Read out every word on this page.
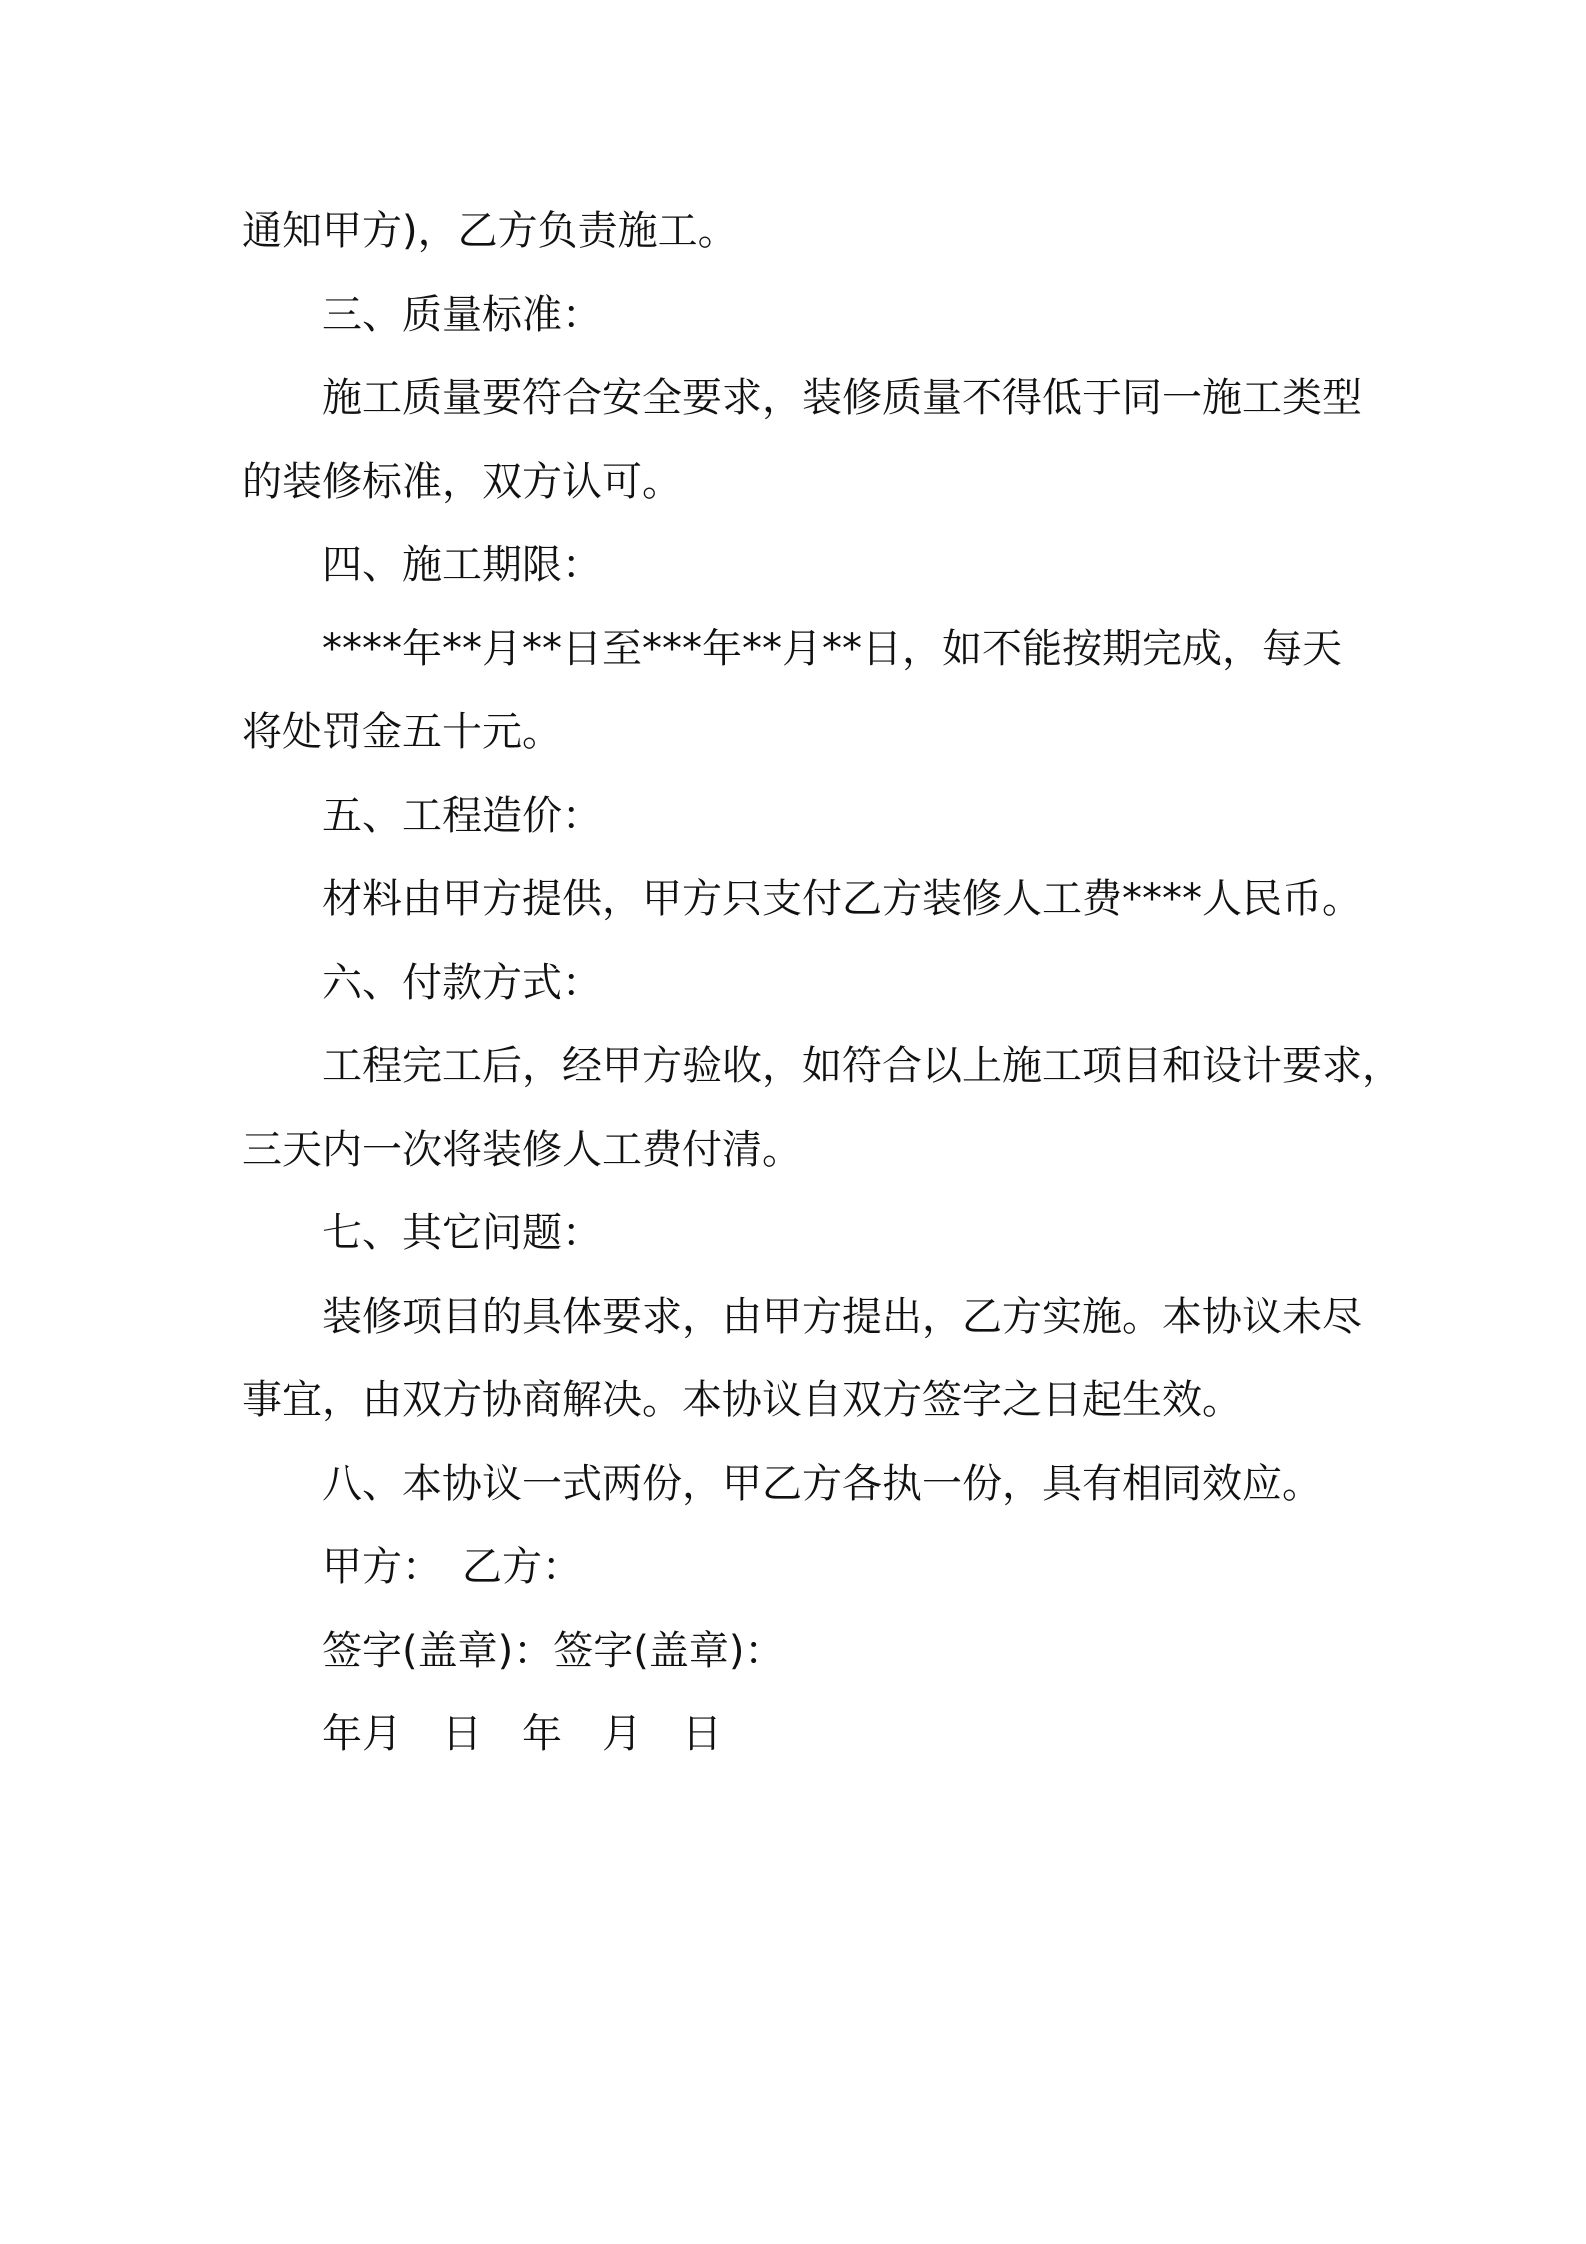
通知甲方)，乙方负责施工。
三、质量标准：
施工质量要符合安全要求，装修质量不得低于同一施工类型
的装修标准，双方认可。
四、施工期限：
****年**月**日至***年**月**日，如不能按期完成，每天
将处罚金五十元。
五、工程造价：
材料由甲方提供，甲方只支付乙方装修人工费****人民币。
六、付款方式：
工程完工后，经甲方验收，如符合以上施工项目和设计要求，
三天内一次将装修人工费付清。
七、其它问题：
装修项目的具体要求，由甲方提出，乙方实施。本协议未尽
事宜，由双方协商解决。本协议自双方签字之日起生效。
八、本协议一式两份，甲乙方各执一份，具有相同效应。
甲方：　乙方：
签字(盖章)：签字(盖章)：
年月　日　年　月　日
